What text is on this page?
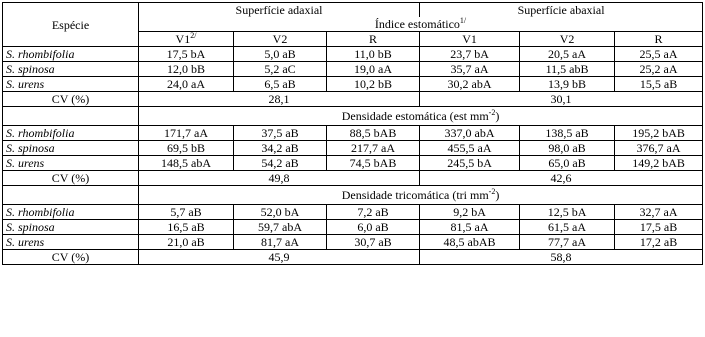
Espécie	Superfície adaxial			Superfície abaxial		
	Índice estomático$^{1/}$
	$V1^{2/}$	V2	R	V1	V2	R
S. rhombifolia	17,5 bA	5,0 aB	11,0 bB	23,7 bA	20,5 aA	25,5 aA
S. spinosa	12,0 bB	5,2 aC	19,0 aA	35,7 aA	11,5 abB	25,2 aA
S. urens	24,0 aA	6,5 aB	10,2 bB	30,2 abA	13,9 bB	15,5 aB
CV (%)	28,1			30,1		
	Densidade estomática (est $mm^{-2}$)					
S. rhombifolia	171,7 aA	37,5 aB	88,5 bAB	337,0 abA	138,5 aB	195,2 bAB
S. spinosa	69,5 bB	34,2 aB	217,7 aA	455,5 aA	98,0 aB	376,7 aA
S. urens	148,5 abA	54,2 aB	74,5 bAB	245,5 bA	65,0 aB	149,2 bAB
CV (%)	49,8			42,6		
	Densidade tricomática (tri $mm^{-2}$)					
S. rhombifolia	5,7 aB	52,0 bA	7,2 aB	9,2 bA	12,5 bA	32,7 aA
S. spinosa	16,5 aB	59,7 abA	6,0 aB	81,5 aA	61,5 aA	17,5 aB
S. urens	21,0 aB	81,7 aA	30,7 aB	48,5 abAB	77,7 aA	17,2 aB
CV (%)	45,9			58,8		
